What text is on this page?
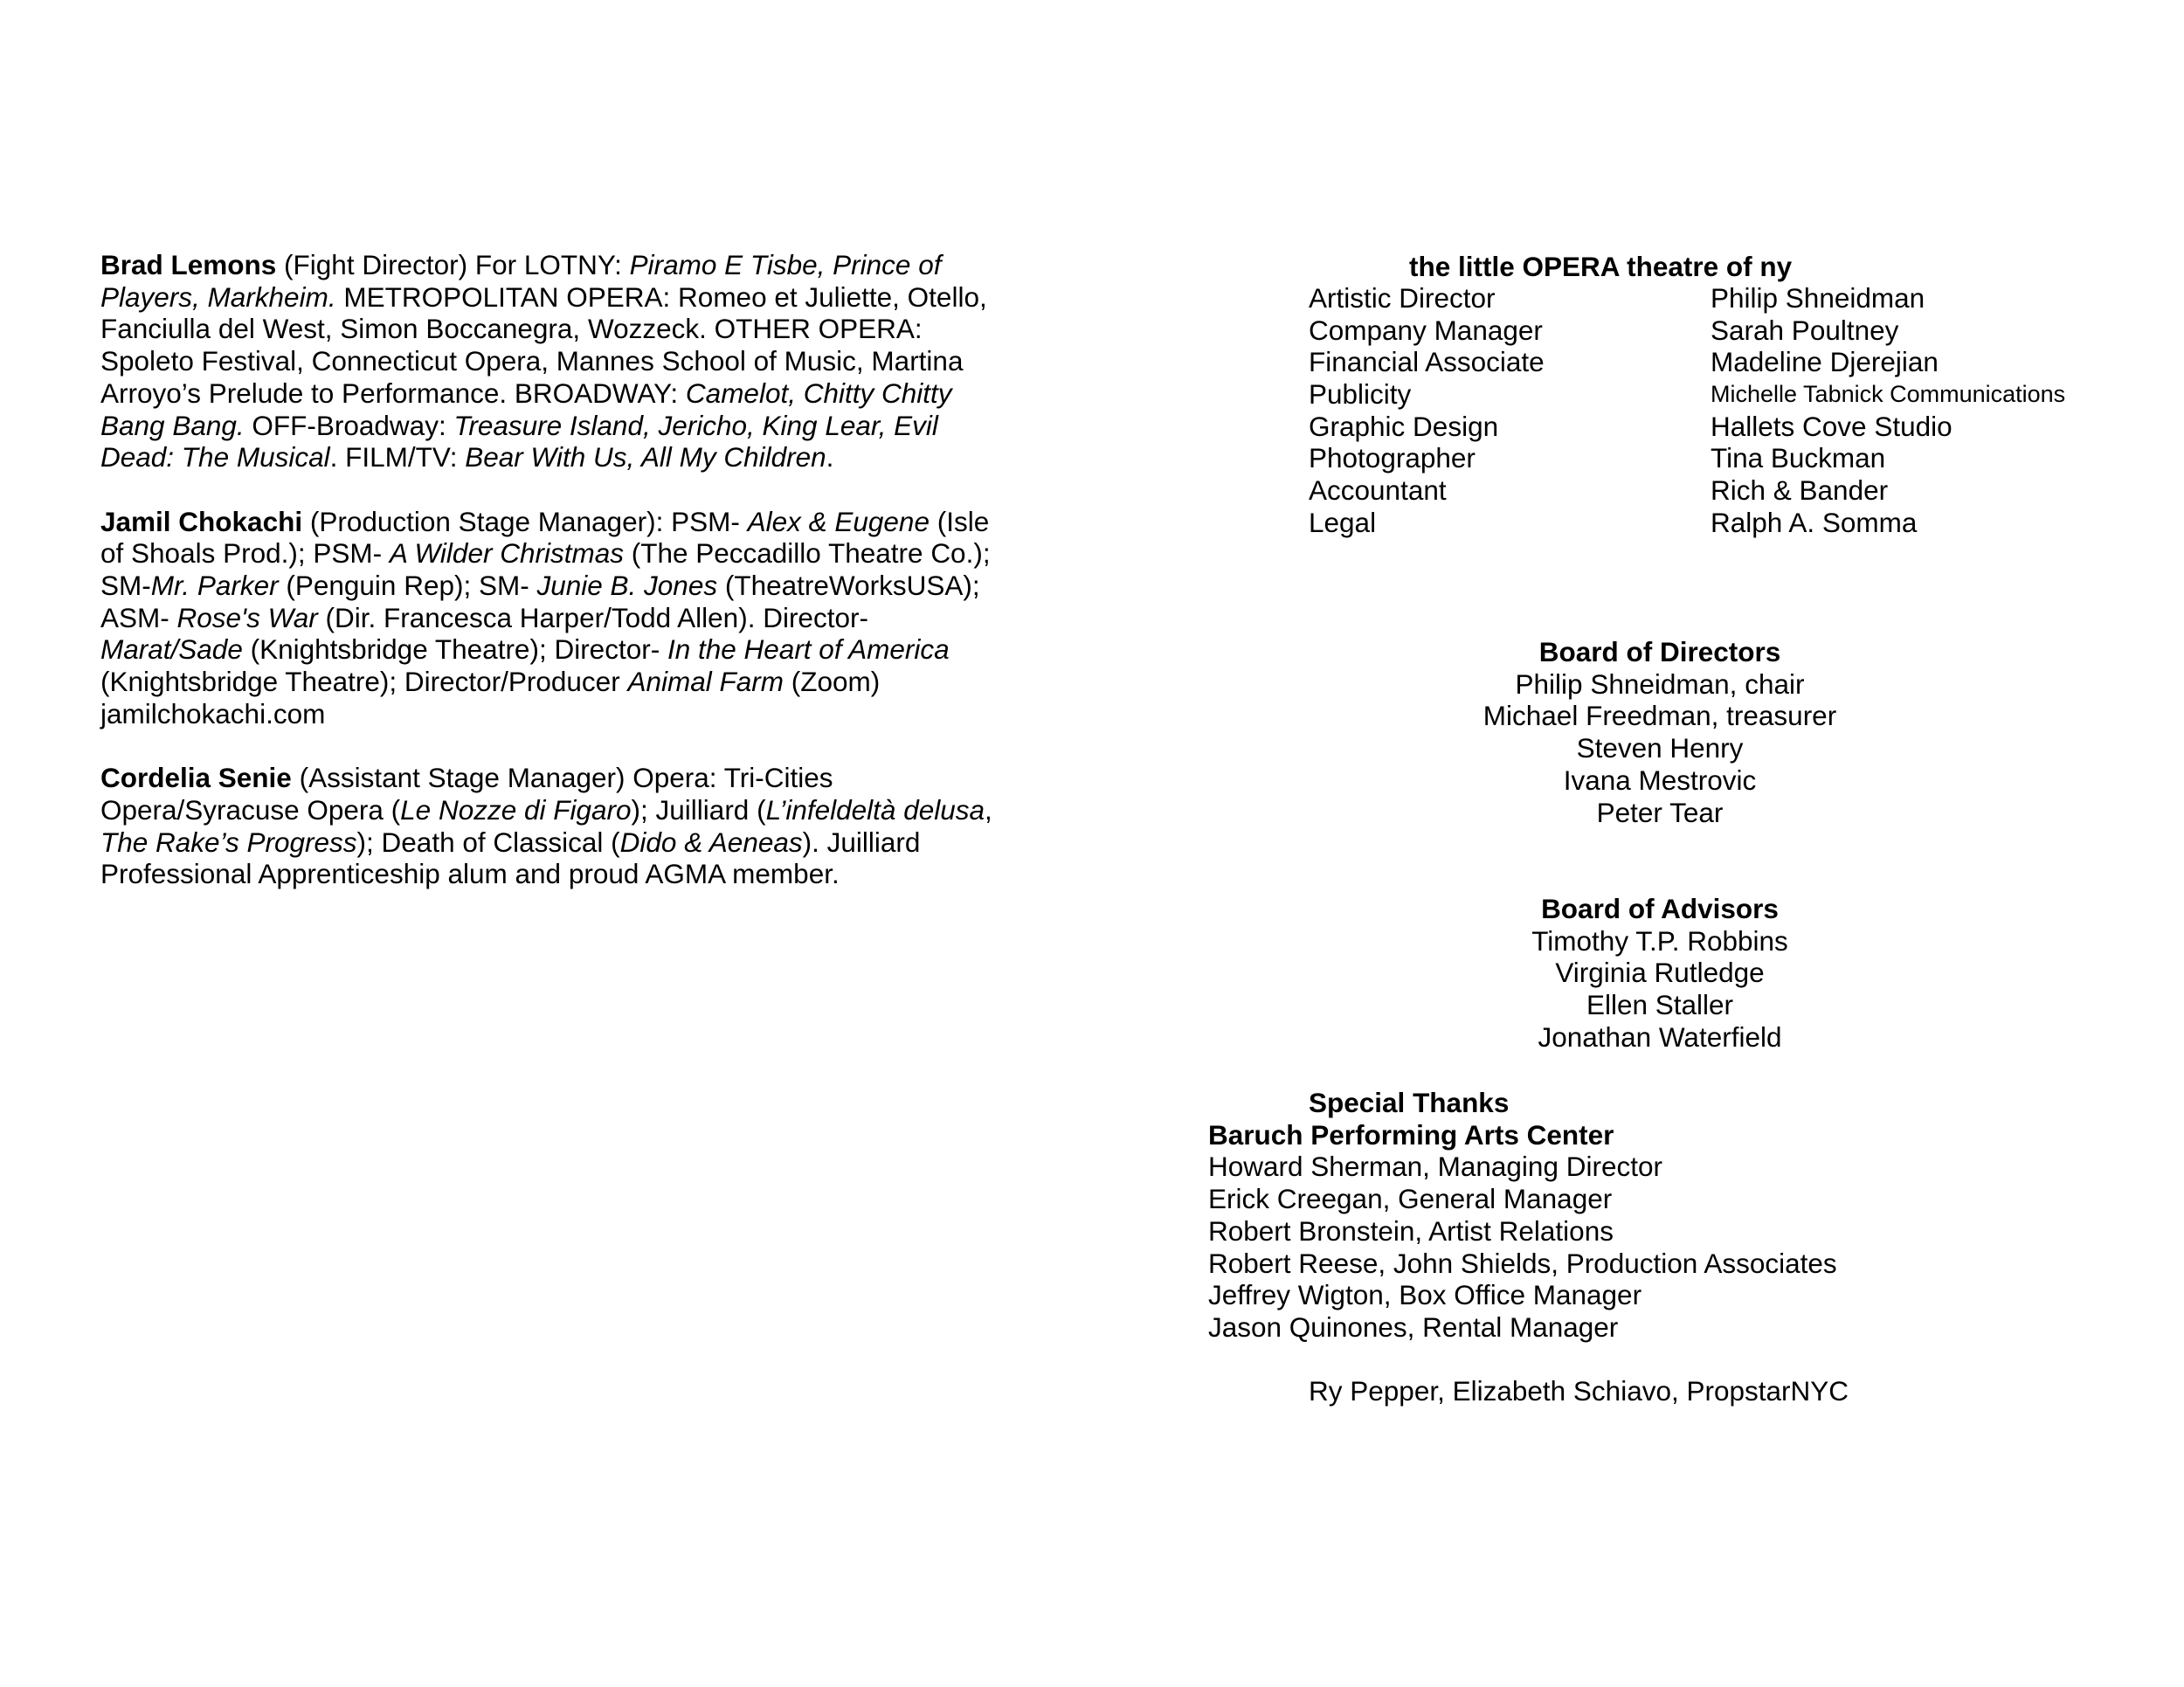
Brad Lemons (Fight Director) For LOTNY: Piramo E Tisbe, Prince of Players, Markheim. METROPOLITAN OPERA: Romeo et Juliette, Otello, Fanciulla del West, Simon Boccanegra, Wozzeck. OTHER OPERA: Spoleto Festival, Connecticut Opera, Mannes School of Music, Martina Arroyo’s Prelude to Performance. BROADWAY: Camelot, Chitty Chitty Bang Bang. OFF-Broadway: Treasure Island, Jericho, King Lear, Evil Dead: The Musical. FILM/TV: Bear With Us, All My Children.

Jamil Chokachi (Production Stage Manager): PSM- Alex & Eugene (Isle of Shoals Prod.); PSM- A Wilder Christmas (The Peccadillo Theatre Co.); SM-Mr. Parker (Penguin Rep); SM- Junie B. Jones (TheatreWorksUSA); ASM- Rose's War (Dir. Francesca Harper/Todd Allen). Director- Marat/Sade (Knightsbridge Theatre); Director- In the Heart of America (Knightsbridge Theatre); Director/Producer Animal Farm (Zoom) jamilchokachi.com

Cordelia Senie (Assistant Stage Manager) Opera: Tri-Cities Opera/Syracuse Opera (Le Nozze di Figaro); Juilliard (L’infeldeltà delusa, The Rake’s Progress); Death of Classical (Dido & Aeneas). Juilliard Professional Apprenticeship alum and proud AGMA member.

the little OPERA theatre of ny
Artistic Director	Philip Shneidman
Company Manager	Sarah Poultney
Financial Associate	Madeline Djerejian
Publicity	Michelle Tabnick Communications
Graphic Design	Hallets Cove Studio
Photographer	Tina Buckman
Accountant	Rich & Bander
Legal	Ralph A. Somma
Board of Directors
Philip Shneidman, chair
Michael Freedman, treasurer
Steven Henry
Ivana Mestrovic
Peter Tear
Board of Advisors
Timothy T.P. Robbins
Virginia Rutledge
Ellen Staller
Jonathan Waterfield
Special Thanks
Baruch Performing Arts Center
Howard Sherman, Managing Director
Erick Creegan, General Manager
Robert Bronstein, Artist Relations
Robert Reese, John Shields, Production Associates
Jeffrey Wigton, Box Office Manager
Jason Quinones, Rental Manager
Ry Pepper, Elizabeth Schiavo, PropstarNYC
